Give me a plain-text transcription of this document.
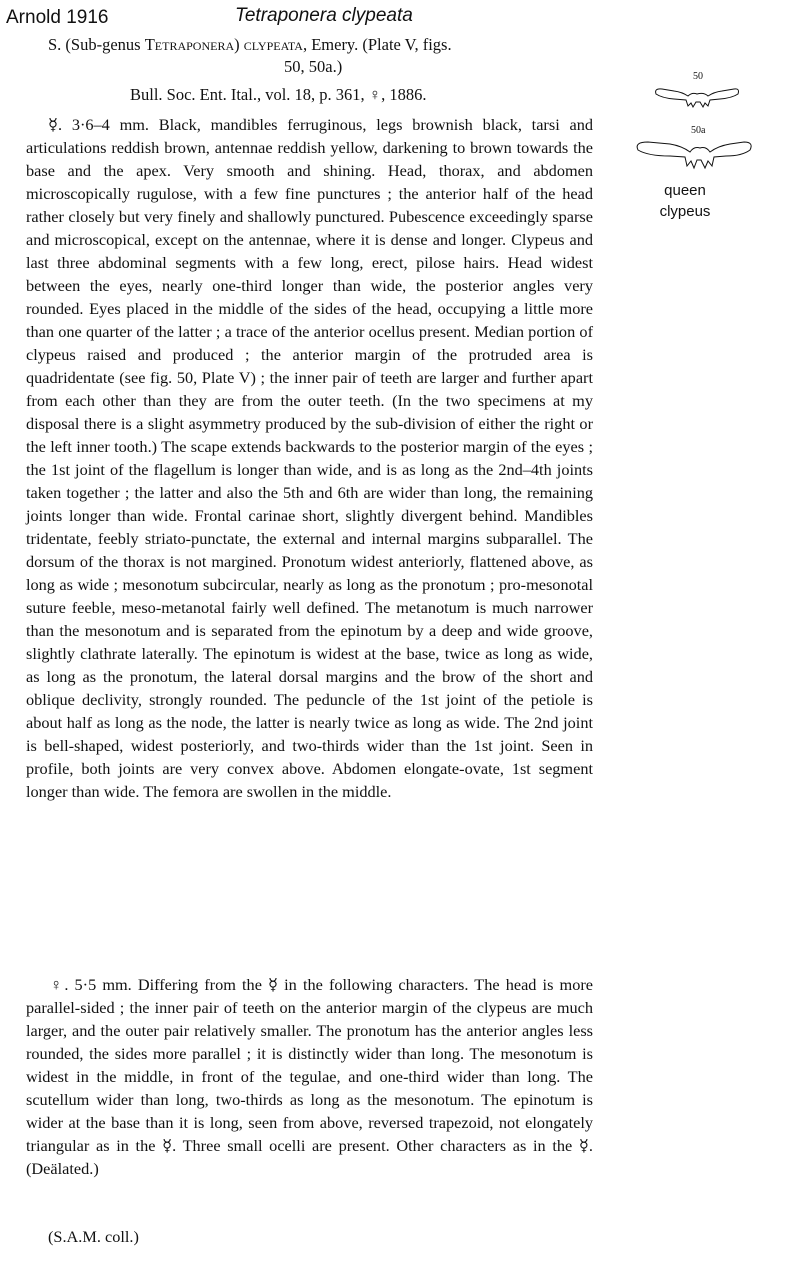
Arnold 1916	Tetraponera clypeata
S. (Sub-genus Tetraponera) clypeata, Emery. (Plate V, figs.
50, 50a.)
Bull. Soc. Ent. Ital., vol. 18, p. 361, ♀, 1886.
50
50a
queen
clypeus

☿. 3·6–4 mm. Black, mandibles ferruginous, legs brownish black, tarsi and articulations reddish brown, antennae reddish yellow, darkening to brown towards the base and the apex. Very smooth and shining. Head, thorax, and abdomen microscopically rugulose, with a few fine punctures ; the anterior half of the head rather closely but very finely and shallowly punctured. Pubescence exceedingly sparse and microscopical, except on the antennae, where it is dense and longer. Clypeus and last three abdominal segments with a few long, erect, pilose hairs. Head widest between the eyes, nearly one-third longer than wide, the posterior angles very rounded. Eyes placed in the middle of the sides of the head, occupying a little more than one quarter of the latter ; a trace of the anterior ocellus present. Median portion of clypeus raised and produced ; the anterior margin of the protruded area is quadridentate (see fig. 50, Plate V) ; the inner pair of teeth are larger and further apart from each other than they are from the outer teeth. (In the two specimens at my disposal there is a slight asymmetry produced by the sub-division of either the right or the left inner tooth.) The scape extends backwards to the posterior margin of the eyes ; the 1st joint of the flagellum is longer than wide, and is as long as the 2nd–4th joints taken together ; the latter and also the 5th and 6th are wider than long, the remaining joints longer than wide. Frontal carinae short, slightly divergent behind. Mandibles tridentate, feebly striato-punctate, the external and internal margins subparallel. The dorsum of the thorax is not margined. Pronotum widest anteriorly, flattened above, as long as wide ; mesonotum subcircular, nearly as long as the pronotum ; pro-mesonotal suture feeble, meso-metanotal fairly well defined. The metanotum is much narrower than the mesonotum and is separated from the epinotum by a deep and wide groove, slightly clathrate laterally. The epinotum is widest at the base, twice as long as wide, as long as the pronotum, the lateral dorsal margins and the brow of the short and oblique declivity, strongly rounded. The peduncle of the 1st joint of the petiole is about half as long as the node, the latter is nearly twice as long as wide. The 2nd joint is bell-shaped, widest posteriorly, and two-thirds wider than the 1st joint. Seen in profile, both joints are very convex above. Abdomen elongate-ovate, 1st segment longer than wide. The femora are swollen in the middle.

♀. 5·5 mm. Differing from the ☿ in the following characters. The head is more parallel-sided ; the inner pair of teeth on the anterior margin of the clypeus are much larger, and the outer pair relatively smaller. The pronotum has the anterior angles less rounded, the sides more parallel ; it is distinctly wider than long. The mesonotum is widest in the middle, in front of the tegulae, and one-third wider than long. The scutellum wider than long, two-thirds as long as the mesonotum. The epinotum is wider at the base than it is long, seen from above, reversed trapezoid, not elongately triangular as in the ☿. Three small ocelli are present. Other characters as in the ☿. (Deälated.)

(S.A.M. coll.)
